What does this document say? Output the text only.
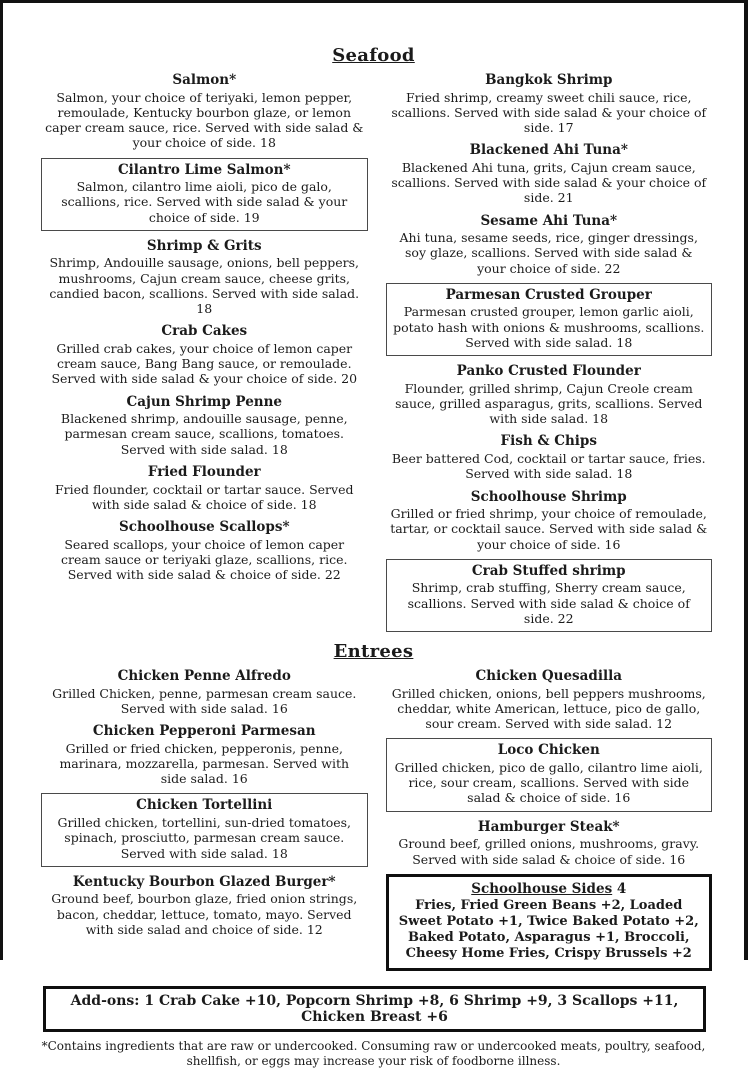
Seafood
Salmon*
Salmon, your choice of teriyaki, lemon pepper, remoulade, Kentucky bourbon glaze, or lemon caper cream sauce, rice. Served with side salad & your choice of side. 18
Cilantro Lime Salmon*
Salmon, cilantro lime aioli, pico de galo, scallions, rice. Served with side salad & your choice of side. 19
Shrimp & Grits
Shrimp, Andouille sausage, onions, bell peppers, mushrooms, Cajun cream sauce, cheese grits, candied bacon, scallions. Served with side salad. 18
Crab Cakes
Grilled crab cakes, your choice of lemon caper cream sauce, Bang Bang sauce, or remoulade. Served with side salad & your choice of side. 20
Cajun Shrimp Penne
Blackened shrimp, andouille sausage, penne, parmesan cream sauce, scallions, tomatoes. Served with side salad. 18
Fried Flounder
Fried flounder, cocktail or tartar sauce. Served with side salad & choice of side. 18
Schoolhouse Scallops*
Seared scallops, your choice of lemon caper cream sauce or teriyaki glaze, scallions, rice. Served with side salad & choice of side. 22
Bangkok Shrimp
Fried shrimp, creamy sweet chili sauce, rice, scallions. Served with side salad & your choice of side. 17
Blackened Ahi Tuna*
Blackened Ahi tuna, grits, Cajun cream sauce, scallions. Served with side salad & your choice of side. 21
Sesame Ahi Tuna*
Ahi tuna, sesame seeds, rice, ginger dressings, soy glaze, scallions. Served with side salad & your choice of side. 22
Parmesan Crusted Grouper
Parmesan crusted grouper, lemon garlic aioli, potato hash with onions & mushrooms, scallions. Served with side salad. 18
Panko Crusted Flounder
Flounder, grilled shrimp, Cajun Creole cream sauce, grilled asparagus, grits, scallions. Served with side salad. 18
Fish & Chips
Beer battered Cod, cocktail or tartar sauce, fries. Served with side salad. 18
Schoolhouse Shrimp
Grilled or fried shrimp, your choice of remoulade, tartar, or cocktail sauce. Served with side salad & your choice of side. 16
Crab Stuffed shrimp
Shrimp, crab stuffing, Sherry cream sauce, scallions. Served with side salad & choice of side. 22
Entrees
Chicken Penne Alfredo
Grilled Chicken, penne, parmesan cream sauce. Served with side salad. 16
Chicken Pepperoni Parmesan
Grilled or fried chicken, pepperonis, penne, marinara, mozzarella, parmesan. Served with side salad. 16
Chicken Tortellini
Grilled chicken, tortellini, sun-dried tomatoes, spinach, prosciutto, parmesan cream sauce. Served with side salad. 18
Kentucky Bourbon Glazed Burger*
Ground beef, bourbon glaze, fried onion strings, bacon, cheddar, lettuce, tomato, mayo. Served with side salad and choice of side. 12
Chicken Quesadilla
Grilled chicken, onions, bell peppers mushrooms, cheddar, white American, lettuce, pico de gallo, sour cream. Served with side salad. 12
Loco Chicken
Grilled chicken, pico de gallo, cilantro lime aioli, rice, sour cream, scallions. Served with side salad & choice of side. 16
Hamburger Steak*
Ground beef, grilled onions, mushrooms, gravy. Served with side salad & choice of side. 16
Schoolhouse Sides 4
Fries, Fried Green Beans +2, Loaded Sweet Potato +1, Twice Baked Potato +2, Baked Potato, Asparagus +1, Broccoli, Cheesy Home Fries, Crispy Brussels +2
Add-ons: 1 Crab Cake +10, Popcorn Shrimp +8, 6 Shrimp +9, 3 Scallops +11, Chicken Breast +6

*Contains ingredients that are raw or undercooked. Consuming raw or undercooked meats, poultry, seafood, shellfish, or eggs may increase your risk of foodborne illness.
